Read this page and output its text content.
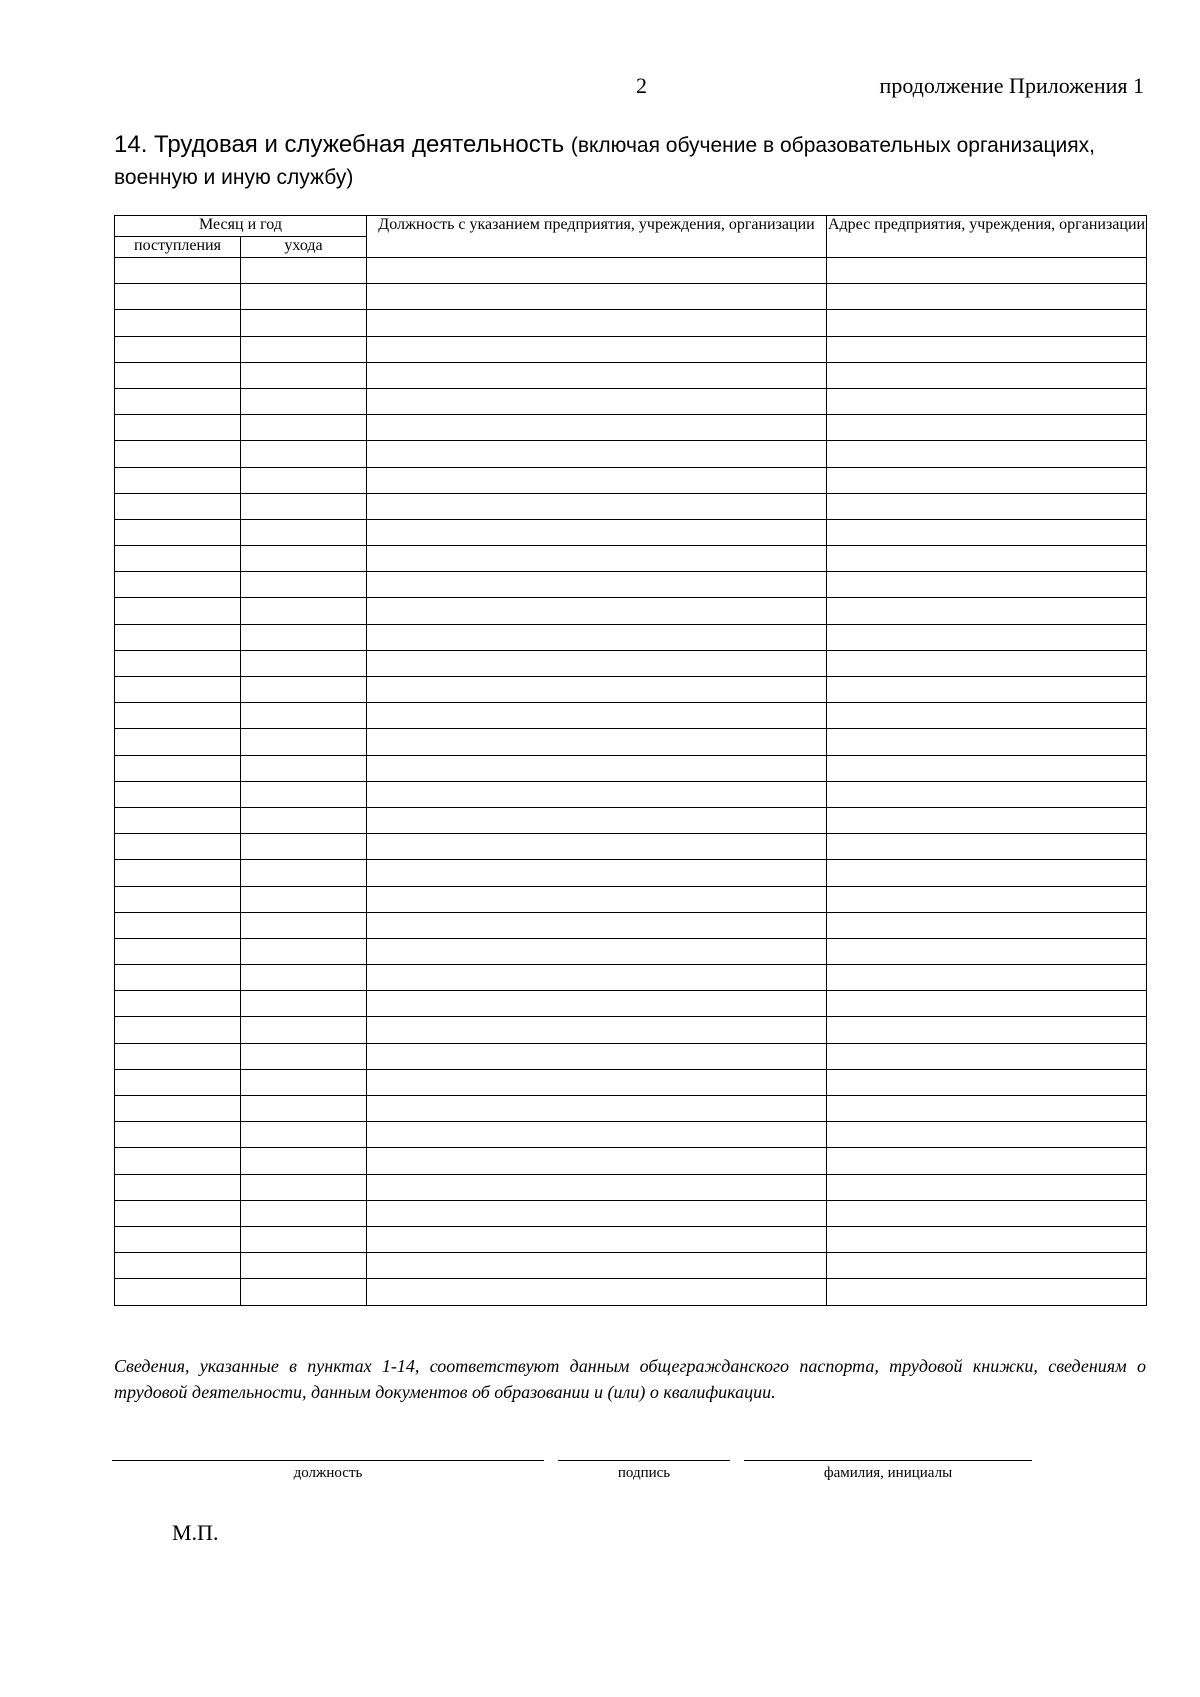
2	продолжение Приложения 1
14. Трудовая и служебная деятельность (включая обучение в образовательных организациях, военную и иную службу)
Месяц и год		Должность с указанием предприятия, учреждения, организации	Адрес предприятия, учреждения, организации
поступления	ухода		

Сведения, указанные в пунктах 1-14, соответствуют данным общегражданского паспорта, трудовой книжки, сведениям о трудовой деятельности, данным документов об образовании и (или) о квалификации.
должность	подпись	фамилия, инициалы
М.П.
